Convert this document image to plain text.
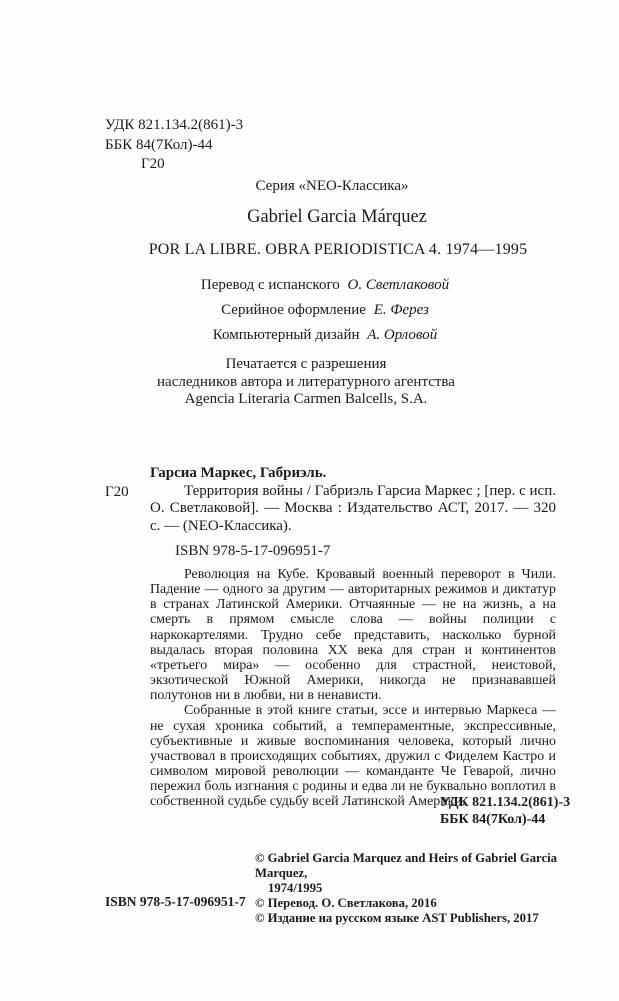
УДК 821.134.2(861)-3
ББК 84(7Кол)-44
Г20
Серия «NEO-Классика»
Gabriel Garcia Márquez
POR LA LIBRE. OBRA PERIODISTICA 4. 1974—1995
Перевод с испанского О. Светлаковой
Серийное оформление Е. Ферез
Компьютерный дизайн А. Орловой
Печатается с разрешения
наследников автора и литературного агентства
Agencia Literaria Carmen Balcells, S.A.
Гарсиа Маркес, Габриэль.
Г20	Территория войны / Габриэль Гарсиа Маркес ; [пер. с исп. О. Светлаковой]. — Москва : Издательство АСТ, 2017. — 320 с. — (NEO-Классика).

ISBN 978-5-17-096951-7

Революция на Кубе. Кровавый военный переворот в Чили. Падение — одного за другим — авторитарных режимов и диктатур в странах Латинской Америки. Отчаянные — не на жизнь, а на смерть в прямом смысле слова — войны полиции с наркокартелями. Трудно себе представить, насколько бурной выдалась вторая половина XX века для стран и континентов «третьего мира» — особенно для страстной, неистовой, экзотической Южной Америки, никогда не признававшей полутонов ни в любви, ни в ненависти.

Собранные в этой книге статьи, эссе и интервью Маркеса — не сухая хроника событий, а темпераментные, экспрессивные, субъективные и живые воспоминания человека, который лично участвовал в происходящих событиях, дружил с Фиделем Кастро и символом мировой революции — команданте Че Геварой, лично пережил боль изгнания с родины и едва ли не буквально воплотил в собственной судьбе судьбу всей Латинской Америки.

УДК 821.134.2(861)-3
ББК 84(7Кол)-44
ISBN 978-5-17-096951-7
© Gabriel Garcia Marquez and Heirs of Gabriel Garcia Marquez,
1974/1995
© Перевод. О. Светлакова, 2016
© Издание на русском языке AST Publishers, 2017
